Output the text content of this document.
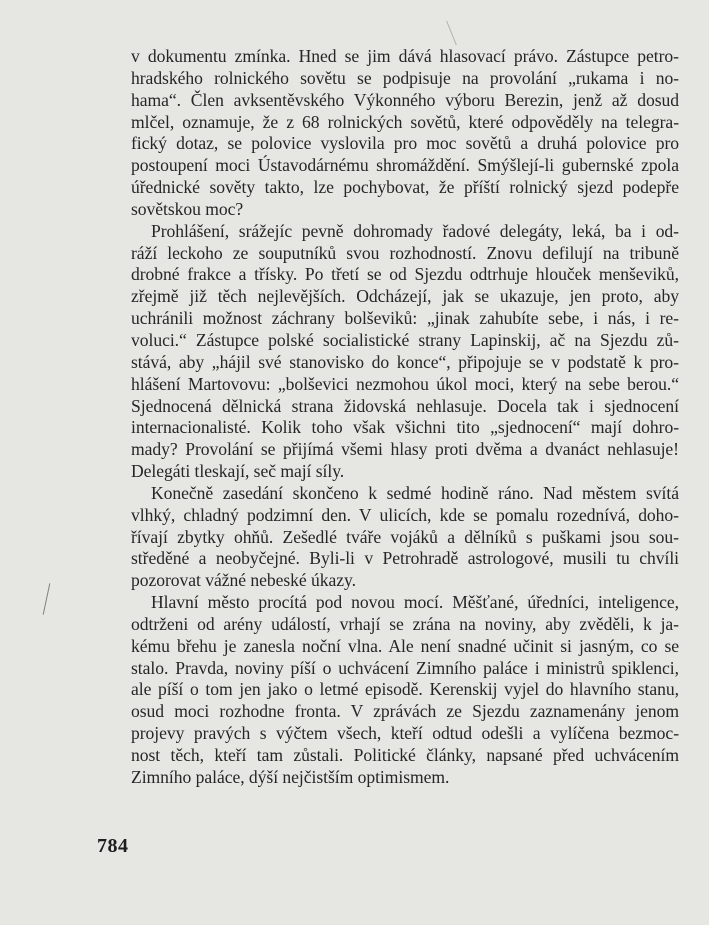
v dokumentu zmínka. Hned se jim dává hlasovací právo. Zástupce petro-
hradského rolnického sovětu se podpisuje na provolání „rukama i no-
hama“. Člen avksentěvského Výkonného výboru Berezin, jenž až dosud
mlčel, oznamuje, že z 68 rolnických sovětů, které odpověděly na telegra-
fický dotaz, se polovice vyslovila pro moc sovětů a druhá polovice pro
postoupení moci Ústavodárnému shromáždění. Smýšlejí-li gubernské zpola
úřednické sověty takto, lze pochybovat, že příští rolnický sjezd podepře
sovětskou moc?

Prohlášení, srážejíc pevně dohromady řadové delegáty, leká, ba i od-
ráží leckoho ze souputníků svou rozhodností. Znovu defilují na tribuně
drobné frakce a třísky. Po třetí se od Sjezdu odtrhuje hlouček menševiků,
zřejmě již těch nejlevějších. Odcházejí, jak se ukazuje, jen proto, aby
uchránili možnost záchrany bolševiků: „jinak zahubíte sebe, i nás, i re-
voluci.“ Zástupce polské socialistické strany Lapinskij, ač na Sjezdu zů-
stává, aby „hájil své stanovisko do konce“, připojuje se v podstatě k pro-
hlášení Martovovu: „bolševici nezmohou úkol moci, který na sebe berou.“
Sjednocená dělnická strana židovská nehlasuje. Docela tak i sjednocení
internacionalisté. Kolik toho však všichni tito „sjednocení“ mají dohro-
mady? Provolání se přijímá všemi hlasy proti dvěma a dvanáct nehlasuje!
Delegáti tleskají, seč mají síly.

Konečně zasedání skončeno k sedmé hodině ráno. Nad městem svítá
vlhký, chladný podzimní den. V ulicích, kde se pomalu rozednívá, doho-
řívají zbytky ohňů. Zešedlé tváře vojáků a dělníků s puškami jsou sou-
středěné a neobyčejné. Byli-li v Petrohradě astrologové, musili tu chvíli
pozorovat vážné nebeské úkazy.

Hlavní město procítá pod novou mocí. Měšťané, úředníci, inteligence,
odtrženi od arény událostí, vrhají se zrána na noviny, aby zvěděli, k ja-
kému břehu je zanesla noční vlna. Ale není snadné učinit si jasným, co se
stalo. Pravda, noviny píší o uchvácení Zimního paláce i ministrů spiklenci,
ale píší o tom jen jako o letmé episodě. Kerenskij vyjel do hlavního stanu,
osud moci rozhodne fronta. V zprávách ze Sjezdu zaznamenány jenom
projevy pravých s výčtem všech, kteří odtud odešli a vylíčena bezmoc-
nost těch, kteří tam zůstali. Politické články, napsané před uchvácením
Zimního paláce, dýší nejčistším optimismem.

784
